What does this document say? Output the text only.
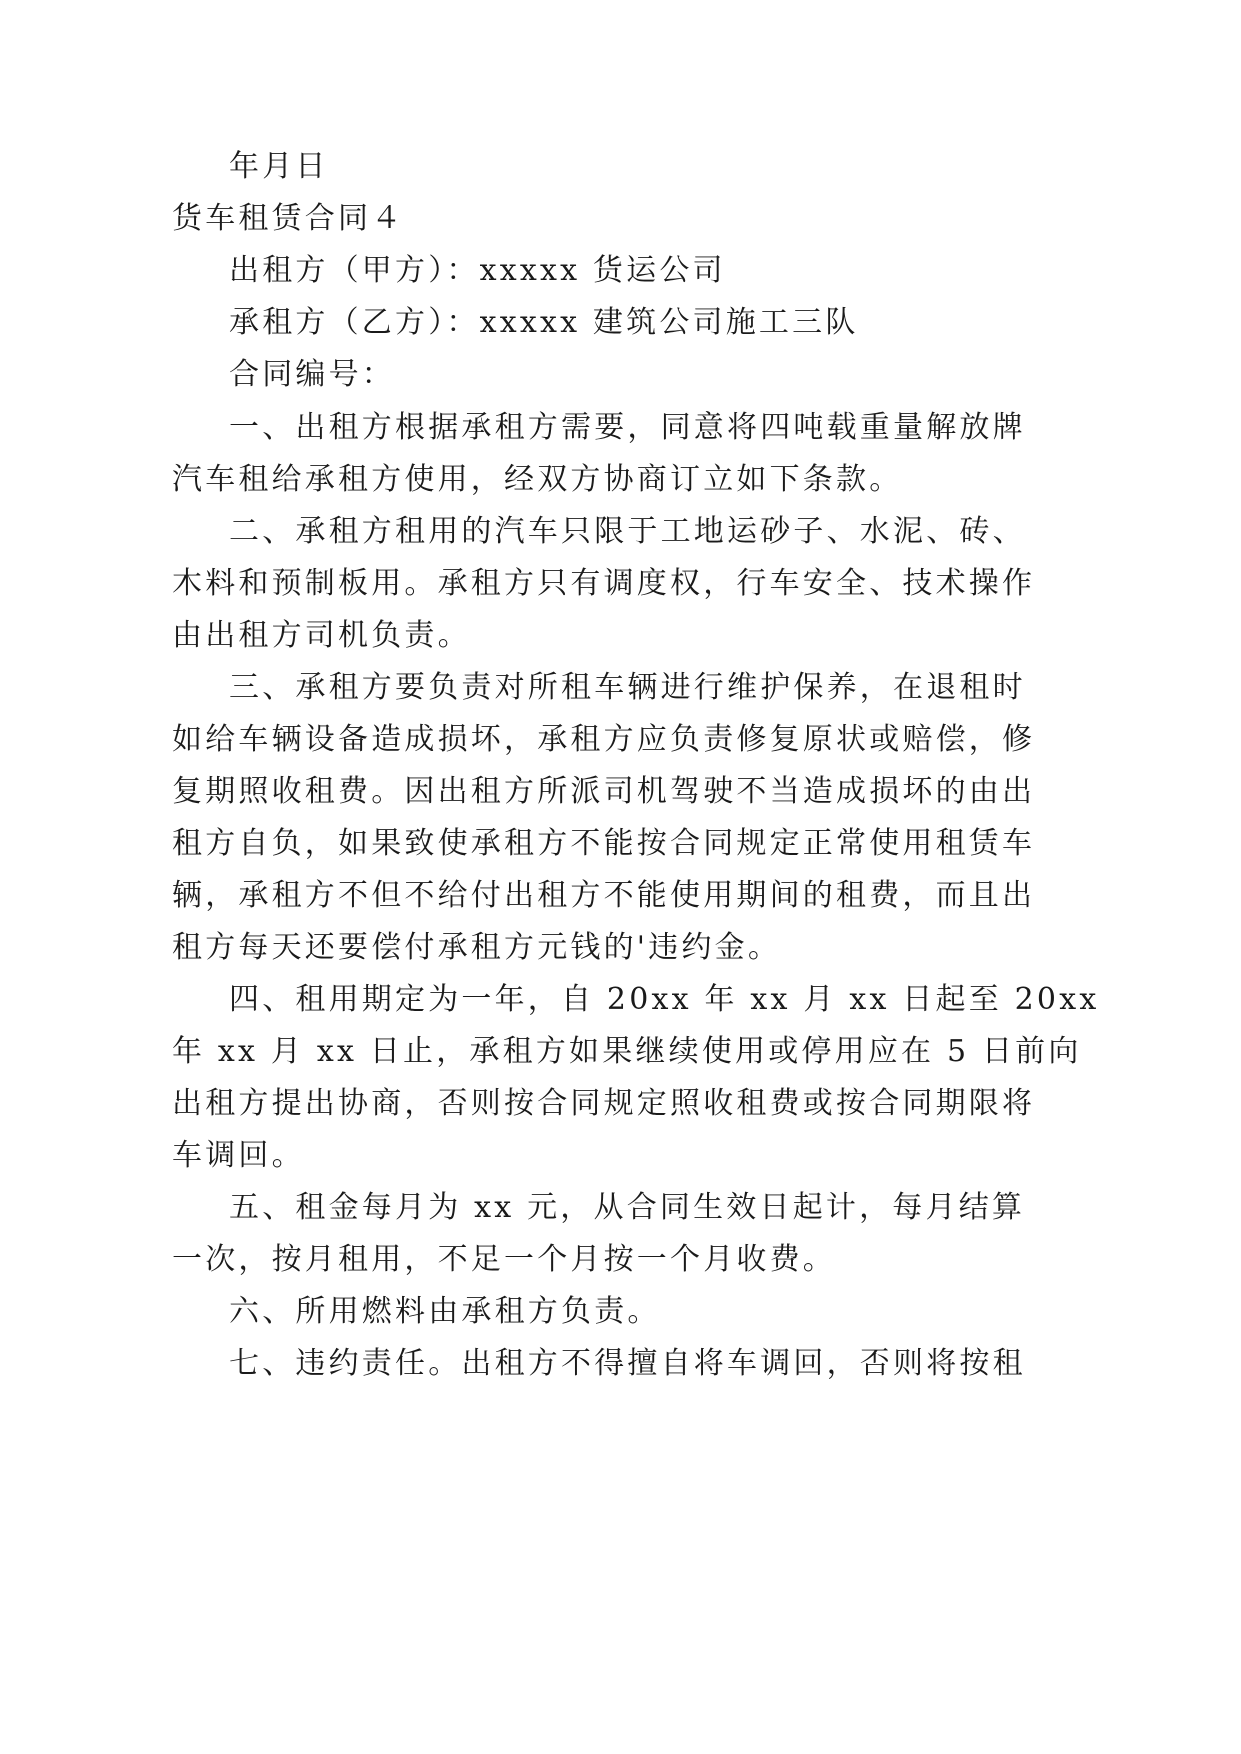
年月日
货车租赁合同４
出租方（甲方）：xxxxx 货运公司
承租方（乙方）：xxxxx 建筑公司施工三队
合同编号：
一、出租方根据承租方需要，同意将四吨载重量解放牌
汽车租给承租方使用，经双方协商订立如下条款。
二、承租方租用的汽车只限于工地运砂子、水泥、砖、
木料和预制板用。承租方只有调度权，行车安全、技术操作
由出租方司机负责。
三、承租方要负责对所租车辆进行维护保养，在退租时
如给车辆设备造成损坏，承租方应负责修复原状或赔偿，修
复期照收租费。因出租方所派司机驾驶不当造成损坏的由出
租方自负，如果致使承租方不能按合同规定正常使用租赁车
辆，承租方不但不给付出租方不能使用期间的租费，而且出
租方每天还要偿付承租方元钱的'违约金。
四、租用期定为一年，自 20xx 年 xx 月 xx 日起至 20xx
年 xx 月 xx 日止，承租方如果继续使用或停用应在 5 日前向
出租方提出协商，否则按合同规定照收租费或按合同期限将
车调回。
五、租金每月为 xx 元，从合同生效日起计，每月结算
一次，按月租用，不足一个月按一个月收费。
六、所用燃料由承租方负责。
七、违约责任。出租方不得擅自将车调回，否则将按租
